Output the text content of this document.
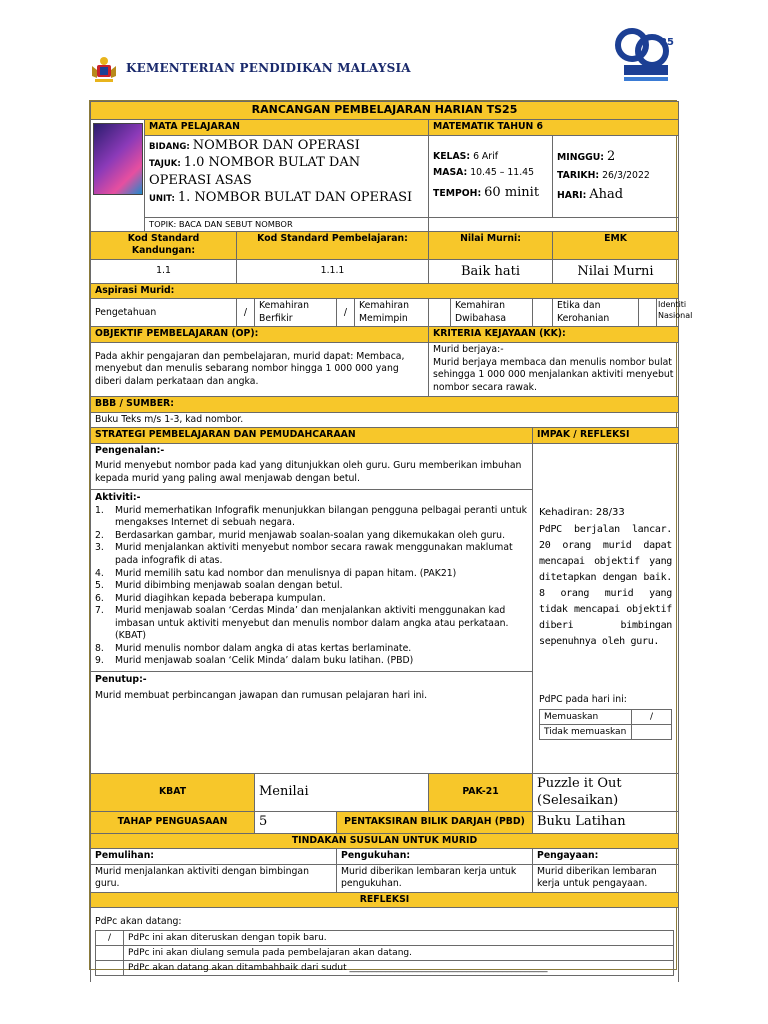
KEMENTERIAN PENDIDIKAN MALAYSIA
25
RANCANGAN PEMBELAJARAN HARIAN TS25

	MATA PELAJARAN	MATEMATIK TAHUN 6

BIDANG: NOMBOR DAN OPERASI
TAJUK: 1.0 NOMBOR BULAT DAN OPERASI ASAS
UNIT: 1. NOMBOR BULAT DAN OPERASI

KELAS: 6 Arif
MASA: 10.45 – 11.45
TEMPOH: 60 minit

MINGGU: 2
TARIKH: 26/3/2022
HARI: Ahad

TOPIK: BACA DAN SEBUT NOMBOR	
Kod Standard Kandungan:	Kod Standard Pembelajaran:	Nilai Murni:	EMK
1.1	1.1.1	Baik hati	Nilai Murni
Aspirasi Murid:
Pengetahuan	/	Kemahiran Berfikir	/	Kemahiran Memimpin		Kemahiran Dwibahasa		Etika dan Kerohanian		Identiti Nasional
OBJEKTIF PEMBELAJARAN (OP):	KRITERIA KEJAYAAN (KK):
Pada akhir pengajaran dan pembelajaran, murid dapat: Membaca, menyebut dan menulis sebarang nombor hingga 1 000 000 yang diberi dalam perkataan dan angka.	
Murid berjaya:-
Murid berjaya membaca dan menulis nombor bulat sehingga 1 000 000 menjalankan aktiviti menyebut nombor secara rawak.

BBB / SUMBER:
Buku Teks m/s 1-3, kad nombor.
STRATEGI PEMBELAJARAN DAN PEMUDAHCARAAN	IMPAK / REFLEKSI

Pengenalan:-
Murid menyebut nombor pada kad yang ditunjukkan oleh guru. Guru memberikan imbuhan kepada murid yang paling awal menjawab dengan betul.
Aktiviti:-
1. Murid memerhatikan Infografik menunjukkan bilangan pengguna pelbagai peranti untuk mengakses Internet di sebuah negara.
2. Berdasarkan gambar, murid menjawab soalan-soalan yang dikemukakan oleh guru.
3. Murid menjalankan aktiviti menyebut nombor secara rawak menggunakan maklumat pada infografik di atas.
4. Murid memilih satu kad nombor dan menulisnya di papan hitam. (PAK21)
5. Murid dibimbing menjawab soalan dengan betul.
6. Murid diagihkan kepada beberapa kumpulan.
7. Murid menjawab soalan ‘Cerdas Minda’ dan menjalankan aktiviti menggunakan kad imbasan untuk aktiviti menyebut dan menulis nombor dalam angka atau perkataan. (KBAT)
8. Murid menulis nombor dalam angka di atas kertas berlaminate.
9. Murid menjawab soalan ‘Celik Minda’ dalam buku latihan. (PBD)
Penutup:-
Murid membuat perbincangan jawapan dan rumusan pelajaran hari ini.

Kehadiran: 28/33
PdPC berjalan lancar. 20 orang murid dapat mencapai objektif yang ditetapkan dengan baik. 8 orang murid yang tidak mencapai objektif diberi bimbingan sepenuhnya oleh guru.
PdPC pada hari ini:
Memuaskan	/
Tidak memuaskan	

KBAT	Menilai	PAK-21	Puzzle it Out (Selesaikan)
TAHAP PENGUASAAN	5	PENTAKSIRAN BILIK DARJAH (PBD)	Buku Latihan
TINDAKAN SUSULAN UNTUK MURID
Pemulihan:	Pengukuhan:	Pengayaan:
Murid menjalankan aktiviti dengan bimbingan guru.	Murid diberikan lembaran kerja untuk pengukuhan.	Murid diberikan lembaran kerja untuk pengayaan.
REFLEKSI

PdPc akan datang:
/	PdPc ini akan diteruskan dengan topik baru.
	PdPc ini akan diulang semula pada pembelajaran akan datang.
	PdPc akan datang akan ditambahbaik dari sudut ____________________________________________
